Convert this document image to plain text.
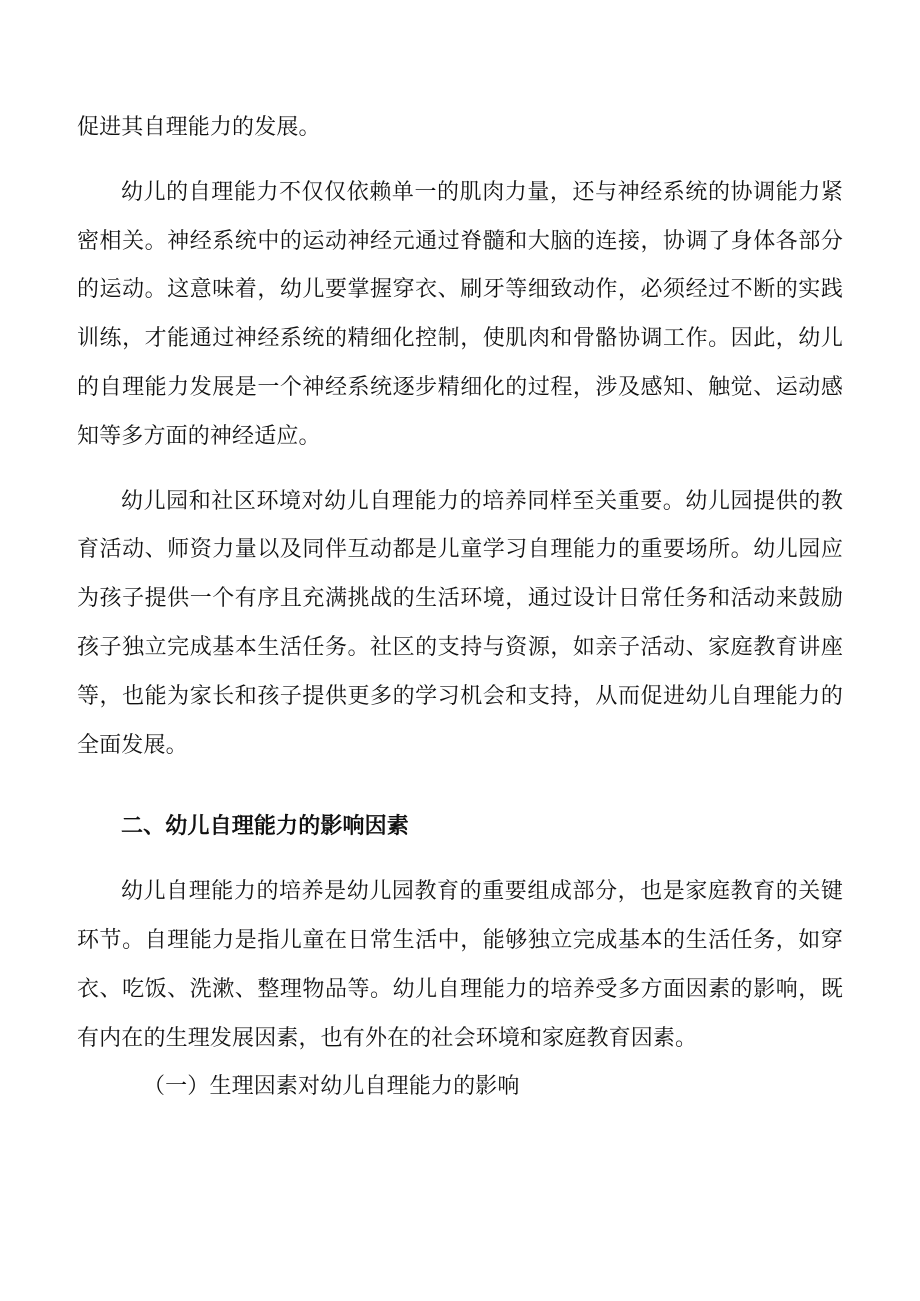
促进其自理能力的发展。

幼儿的自理能力不仅仅依赖单一的肌肉力量，还与神经系统的协调能力紧密相关。神经系统中的运动神经元通过脊髓和大脑的连接，协调了身体各部分的运动。这意味着，幼儿要掌握穿衣、刷牙等细致动作，必须经过不断的实践训练，才能通过神经系统的精细化控制，使肌肉和骨骼协调工作。因此，幼儿的自理能力发展是一个神经系统逐步精细化的过程，涉及感知、触觉、运动感知等多方面的神经适应。

幼儿园和社区环境对幼儿自理能力的培养同样至关重要。幼儿园提供的教育活动、师资力量以及同伴互动都是儿童学习自理能力的重要场所。幼儿园应为孩子提供一个有序且充满挑战的生活环境，通过设计日常任务和活动来鼓励孩子独立完成基本生活任务。社区的支持与资源，如亲子活动、家庭教育讲座等，也能为家长和孩子提供更多的学习机会和支持，从而促进幼儿自理能力的全面发展。

二、幼儿自理能力的影响因素

幼儿自理能力的培养是幼儿园教育的重要组成部分，也是家庭教育的关键环节。自理能力是指儿童在日常生活中，能够独立完成基本的生活任务，如穿衣、吃饭、洗漱、整理物品等。幼儿自理能力的培养受多方面因素的影响，既有内在的生理发展因素，也有外在的社会环境和家庭教育因素。

（一）生理因素对幼儿自理能力的影响
